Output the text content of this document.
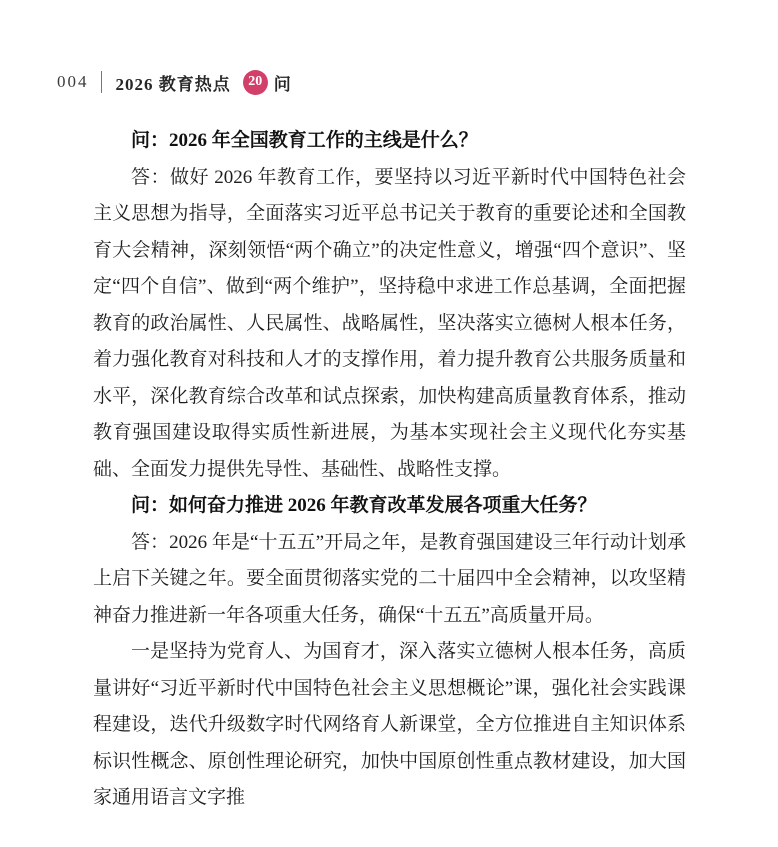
004 2026 教育热点	20 问

问：2026 年全国教育工作的主线是什么？

答：做好 2026 年教育工作，要坚持以习近平新时代中国特色社会主义思想为指导，全面落实习近平总书记关于教育的重要论述和全国教育大会精神，深刻领悟“两个确立”的决定性意义，增强“四个意识”、坚定“四个自信”、做到“两个维护”，坚持稳中求进工作总基调，全面把握教育的政治属性、人民属性、战略属性，坚决落实立德树人根本任务，着力强化教育对科技和人才的支撑作用，着力提升教育公共服务质量和水平，深化教育综合改革和试点探索，加快构建高质量教育体系，推动教育强国建设取得实质性新进展，为基本实现社会主义现代化夯实基础、全面发力提供先导性、基础性、战略性支撑。

问：如何奋力推进 2026 年教育改革发展各项重大任务？

答：2026 年是“十五五”开局之年，是教育强国建设三年行动计划承上启下关键之年。要全面贯彻落实党的二十届四中全会精神，以攻坚精神奋力推进新一年各项重大任务，确保“十五五”高质量开局。

一是坚持为党育人、为国育才，深入落实立德树人根本任务，高质量讲好“习近平新时代中国特色社会主义思想概论”课，强化社会实践课程建设，迭代升级数字时代网络育人新课堂，全方位推进自主知识体系标识性概念、原创性理论研究，加快中国原创性重点教材建设，加大国家通用语言文字推
